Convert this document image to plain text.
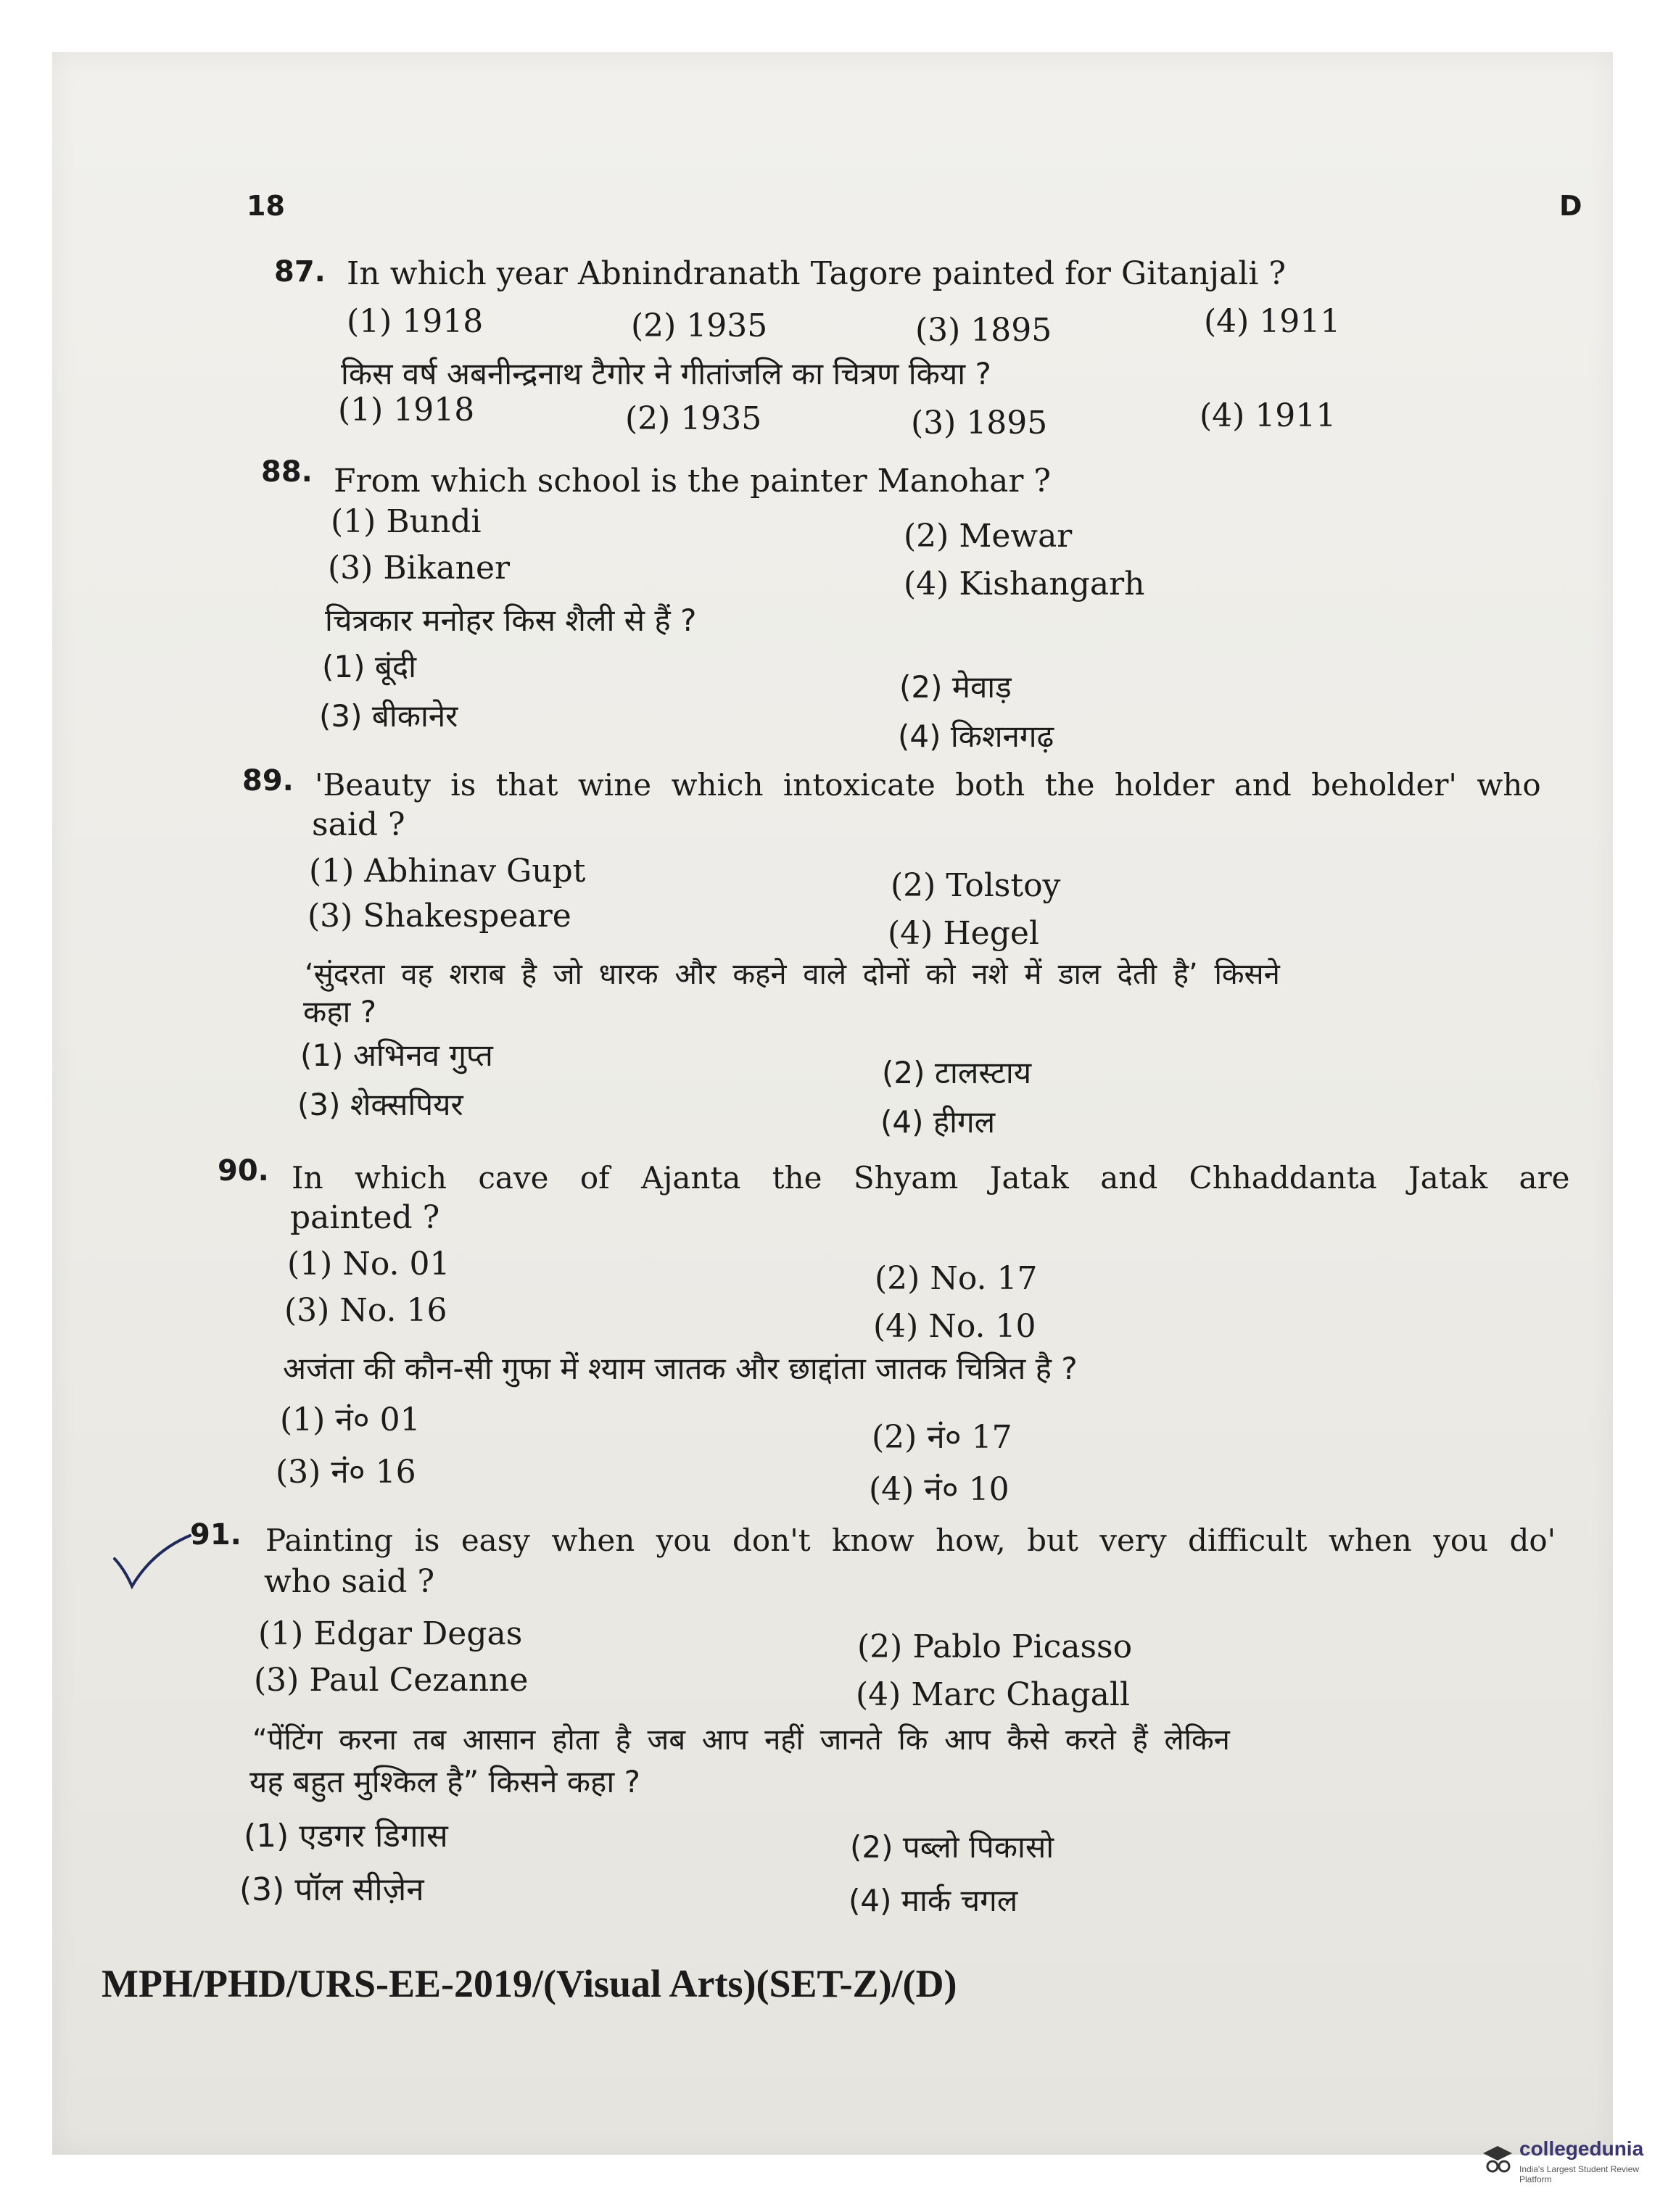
18	D
87. In which year Abnindranath Tagore painted for Gitanjali ?
(1) 1918	(2) 1935	(3) 1895	(4) 1911
किस वर्ष अबनीन्द्रनाथ टैगोर ने गीतांजलि का चित्रण किया ?
(1) 1918	(2) 1935	(3) 1895	(4) 1911
88. From which school is the painter Manohar ?
(1) Bundi	(2) Mewar
(3) Bikaner	(4) Kishangarh
चित्रकार मनोहर किस शैली से हैं ?
(1) बूंदी
(2) मेवाड़
(3) बीकानेर
(4) किशनगढ़
89. 'Beauty is that wine which intoxicate both the holder and beholder' who
said ?
(1) Abhinav Gupt	(2) Tolstoy
(3) Shakespeare	(4) Hegel
‘सुंदरता वह शराब है जो धारक और कहने वाले दोनों को नशे में डाल देती है’ किसने
कहा ?
(1) अभिनव गुप्त	(2) टालस्टाय
(3) शेक्सपियर	(4) हीगल
90. In which cave of Ajanta the Shyam Jatak and Chhaddanta Jatak are
painted ?
(1) No. 01	(2) No. 17
(3) No. 16	(4) No. 10
अजंता की कौन-सी गुफा में श्याम जातक और छाद्दांता जातक चित्रित है ?
(1) नं० 01	(2) नं० 17
(3) नं० 16	(4) नं० 10
91. Painting is easy when you don't know how, but very difficult when you do'
who said ?
(1) Edgar Degas	(2) Pablo Picasso
(3) Paul Cezanne	(4) Marc Chagall
“पेंटिंग करना तब आसान होता है जब आप नहीं जानते कि आप कैसे करते हैं लेकिन
यह बहुत मुश्किल है” किसने कहा ?
(1) एडगर डिगास	(2) पब्लो पिकासो
(3) पॉल सीज़ेन	(4) मार्क चगल
MPH/PHD/URS-EE-2019/(Visual Arts)(SET-Z)/(D)
collegedunia
India's Largest Student Review Platform
